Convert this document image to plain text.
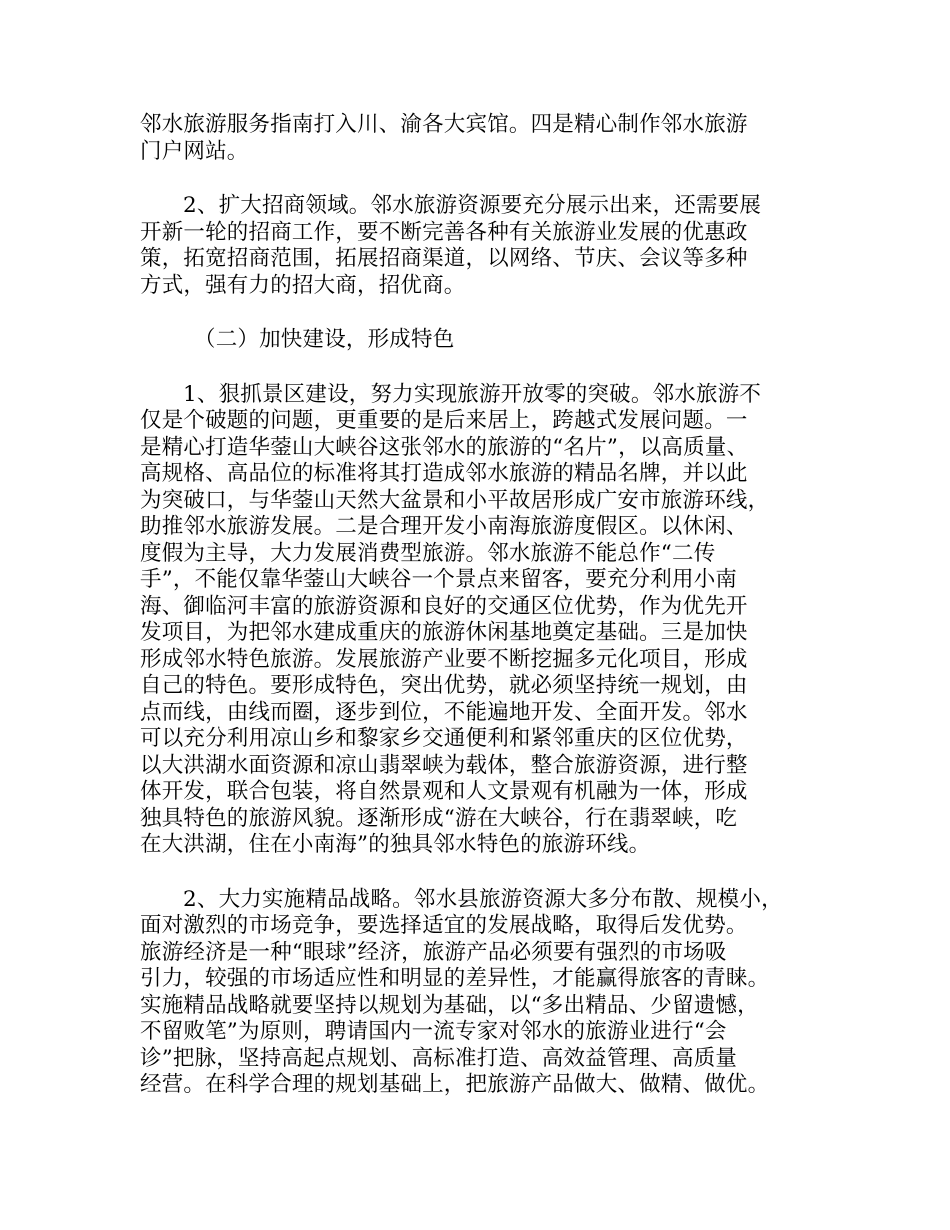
邻水旅游服务指南打入川、渝各大宾馆。四是精心制作邻水旅游
门户网站。

2、扩大招商领域。邻水旅游资源要充分展示出来，还需要展
开新一轮的招商工作，要不断完善各种有关旅游业发展的优惠政
策，拓宽招商范围，拓展招商渠道，以网络、节庆、会议等多种
方式，强有力的招大商，招优商。

（二）加快建设，形成特色

1、狠抓景区建设，努力实现旅游开放零的突破。邻水旅游不
仅是个破题的问题，更重要的是后来居上，跨越式发展问题。一
是精心打造华蓥山大峡谷这张邻水的旅游的“名片”，以高质量、
高规格、高品位的标准将其打造成邻水旅游的精品名牌，并以此
为突破口，与华蓥山天然大盆景和小平故居形成广安市旅游环线，
助推邻水旅游发展。二是合理开发小南海旅游度假区。以休闲、
度假为主导，大力发展消费型旅游。邻水旅游不能总作“二传
手”，不能仅靠华蓥山大峡谷一个景点来留客，要充分利用小南
海、御临河丰富的旅游资源和良好的交通区位优势，作为优先开
发项目，为把邻水建成重庆的旅游休闲基地奠定基础。三是加快
形成邻水特色旅游。发展旅游产业要不断挖掘多元化项目，形成
自己的特色。要形成特色，突出优势，就必须坚持统一规划，由
点而线，由线而圈，逐步到位，不能遍地开发、全面开发。邻水
可以充分利用凉山乡和黎家乡交通便利和紧邻重庆的区位优势，
以大洪湖水面资源和凉山翡翠峡为载体，整合旅游资源，进行整
体开发，联合包装，将自然景观和人文景观有机融为一体，形成
独具特色的旅游风貌。逐渐形成“游在大峡谷，行在翡翠峡，吃
在大洪湖，住在小南海”的独具邻水特色的旅游环线。

2、大力实施精品战略。邻水县旅游资源大多分布散、规模小，
面对激烈的市场竞争，要选择适宜的发展战略，取得后发优势。
旅游经济是一种“眼球”经济，旅游产品必须要有强烈的市场吸
引力，较强的市场适应性和明显的差异性，才能赢得旅客的青睐。
实施精品战略就要坚持以规划为基础，以“多出精品、少留遗憾，
不留败笔”为原则，聘请国内一流专家对邻水的旅游业进行“会
诊”把脉，坚持高起点规划、高标准打造、高效益管理、高质量
经营。在科学合理的规划基础上，把旅游产品做大、做精、做优。
